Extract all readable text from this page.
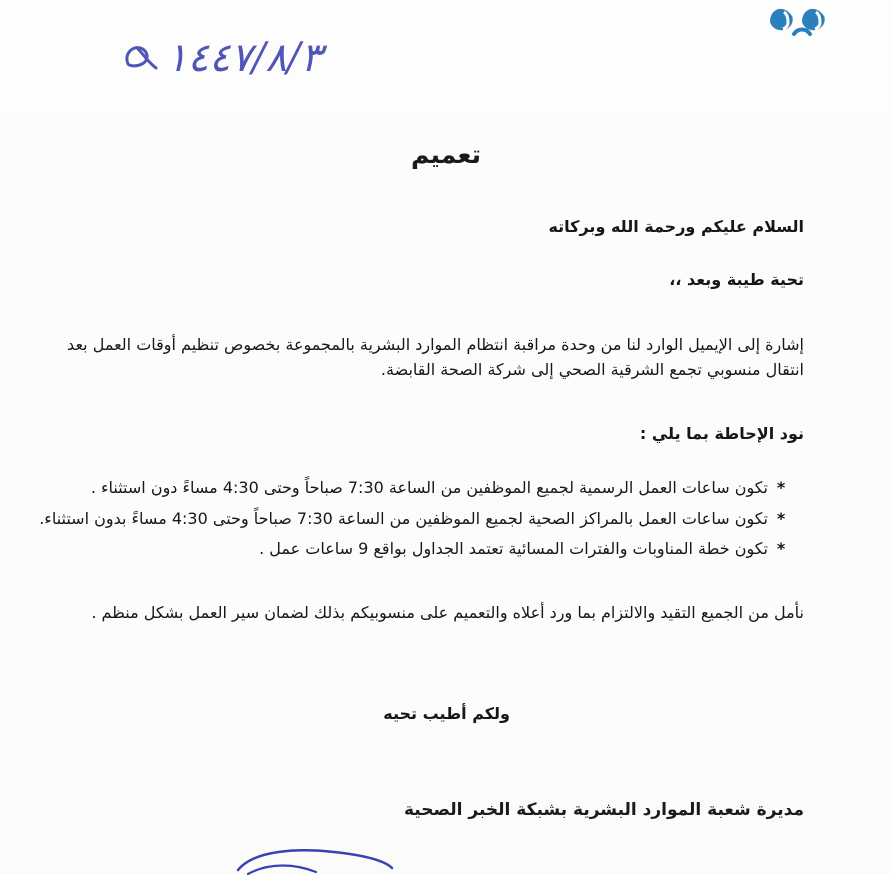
١٤٤٧/٨/٣
تعميم
السلام عليكم ورحمة الله وبركاته
تحية طيبة وبعد ،،
إشارة إلى الإيميل الوارد لنا من وحدة مراقبة انتظام الموارد البشرية بالمجموعة بخصوص تنظيم أوقات العمل بعد
انتقال منسوبي تجمع الشرقية الصحي إلى شركة الصحة القابضة.
نود الإحاطة بما يلي :
*
تكون ساعات العمل الرسمية لجميع الموظفين من الساعة 7:30 صباحاً وحتى 4:30 مساءً دون استثناء .
*
تكون ساعات العمل بالمراكز الصحية لجميع الموظفين من الساعة 7:30 صباحاً وحتى 4:30 مساءً بدون استثناء.
*
تكون خطة المناوبات والفترات المسائية تعتمد الجداول بواقع 9 ساعات عمل .
نأمل من الجميع التقيد والالتزام بما ورد أعلاه والتعميم على منسوبيكم بذلك لضمان سير العمل بشكل منظم .
ولكم أطيب تحيه
مديرة شعبة الموارد البشرية بشبكة الخبر الصحية
